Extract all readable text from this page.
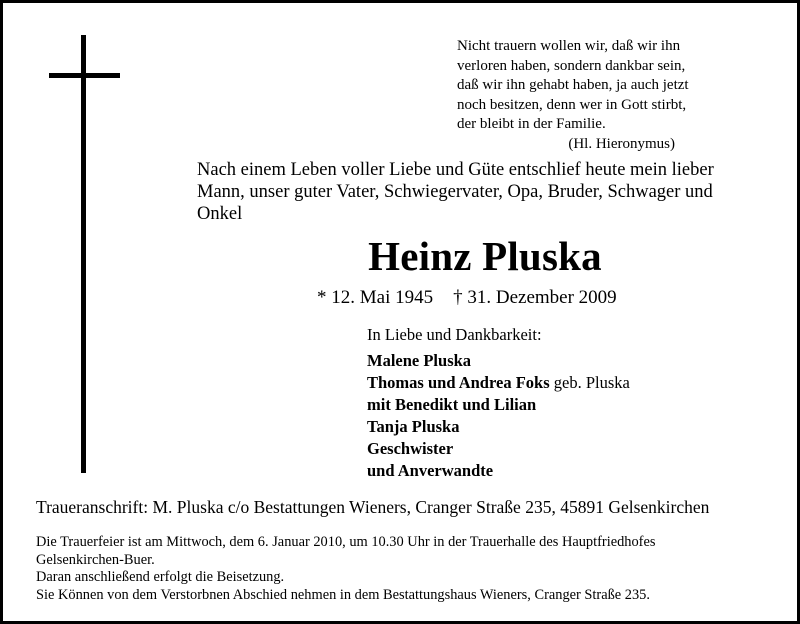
Nicht trauern wollen wir, daß wir ihn
verloren haben, sondern dankbar sein,
daß wir ihn gehabt haben, ja auch jetzt
noch besitzen, denn wer in Gott stirbt,
der bleibt in der Familie.
(Hl. Hieronymus)
Nach einem Leben voller Liebe und Güte entschlief heute mein lieber
Mann, unser guter Vater, Schwiegervater, Opa, Bruder, Schwager und
Onkel
Heinz Pluska
* 12. Mai 1945 † 31. Dezember 2009
In Liebe und Dankbarkeit:
Malene Pluska
Thomas und Andrea Foks geb. Pluska
mit Benedikt und Lilian
Tanja Pluska
Geschwister
und Anverwandte
Traueranschrift: M. Pluska c/o Bestattungen Wieners, Cranger Straße 235, 45891 Gelsenkirchen
Die Trauerfeier ist am Mittwoch, dem 6. Januar 2010, um 10.30 Uhr in der Trauerhalle des Hauptfriedhofes
Gelsenkirchen-Buer.
Daran anschließend erfolgt die Beisetzung.
Sie Können von dem Verstorbnen Abschied nehmen in dem Bestattungshaus Wieners, Cranger Straße 235.
